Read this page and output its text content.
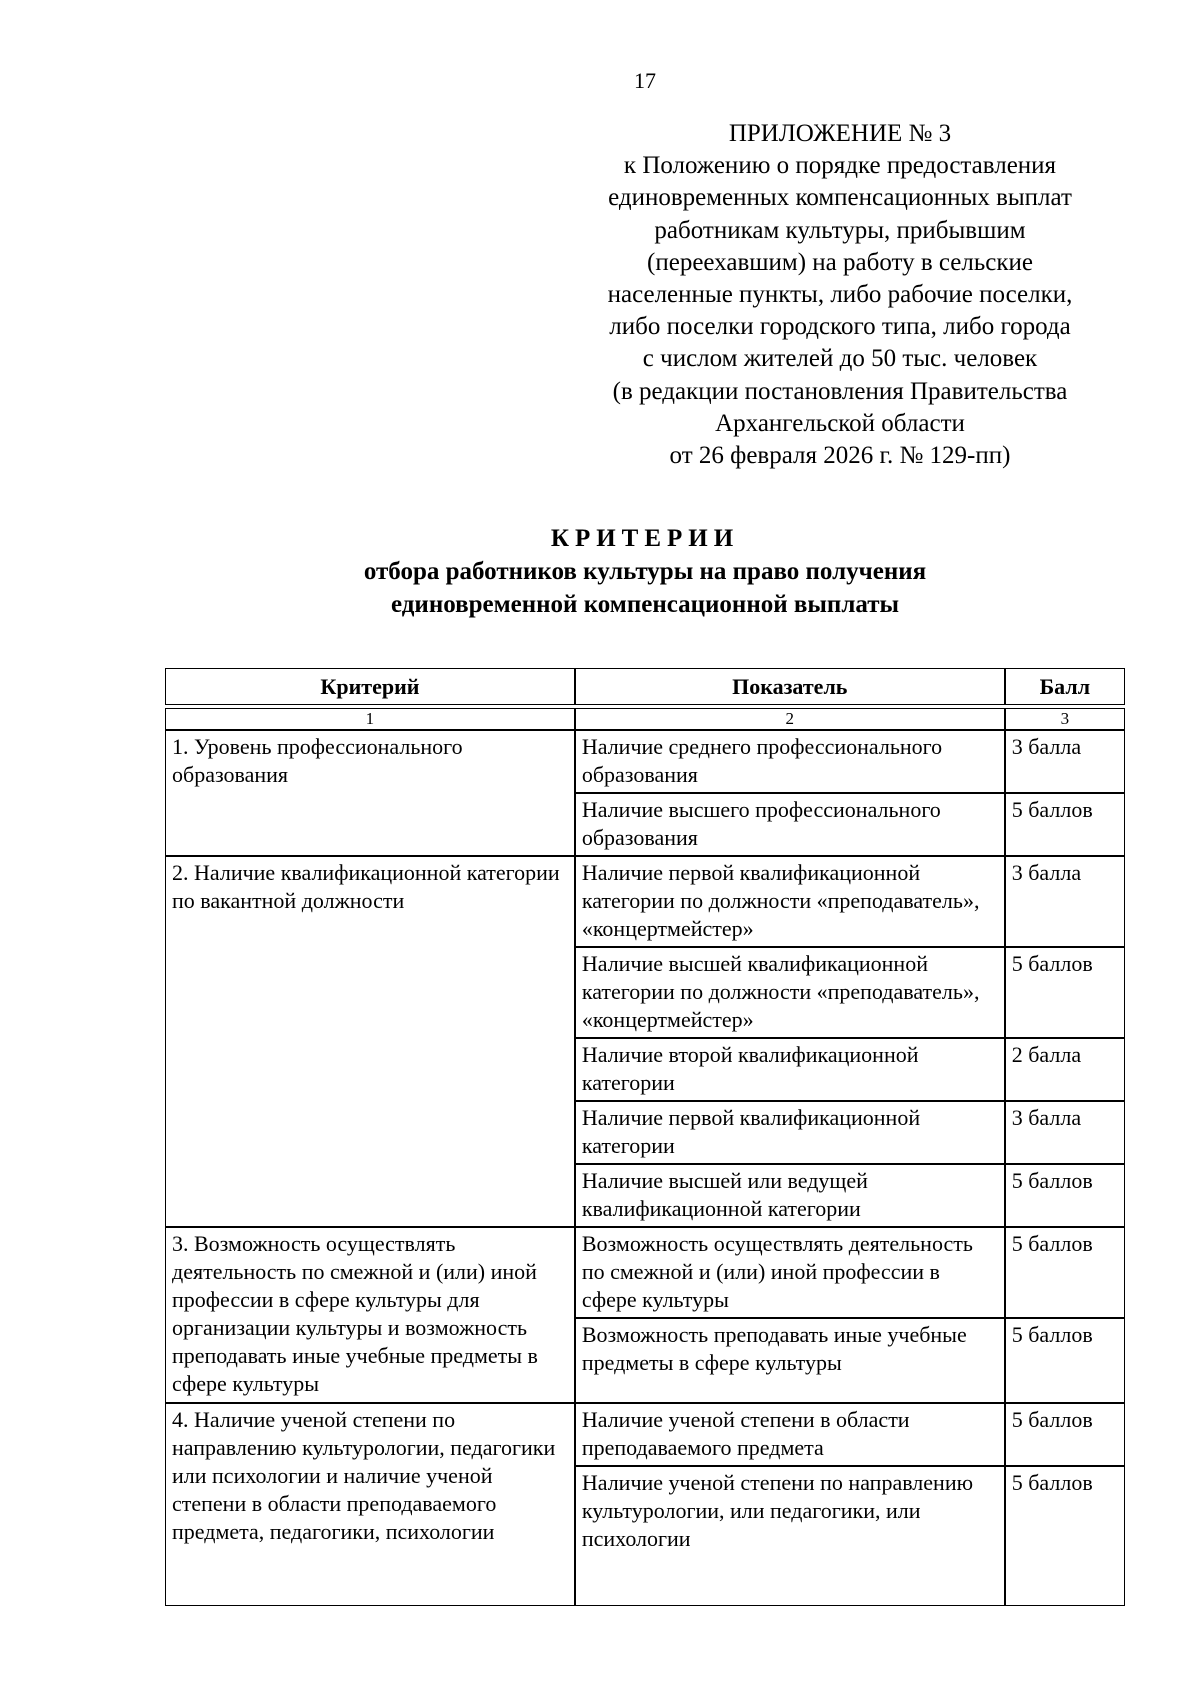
17
ПРИЛОЖЕНИЕ № 3
к Положению о порядке предоставления
единовременных компенсационных выплат
работникам культуры, прибывшим
(переехавшим) на работу в сельские
населенные пункты, либо рабочие поселки,
либо поселки городского типа, либо города
с числом жителей до 50 тыс. человек
(в редакции постановления Правительства
Архангельской области
от 26 февраля 2026 г. № 129-пп)
КРИТЕРИИ
отбора работников культуры на право получения
единовременной компенсационной выплаты
Критерий	Показатель	Балл

1	2	3
1. Уровень профессионального образования	Наличие среднего профессионального образования	3 балла
	Наличие высшего профессионального образования	5 баллов
2. Наличие квалификационной категории по вакантной должности	Наличие первой квалификационной категории по должности «преподаватель», «концертмейстер»	3 балла
	Наличие высшей квалификационной категории по должности «преподаватель», «концертмейстер»	5 баллов
	Наличие второй квалификационной категории	2 балла
	Наличие первой квалификационной категории	3 балла
	Наличие высшей или ведущей квалификационной категории	5 баллов
3. Возможность осуществлять деятельность по смежной и (или) иной профессии в сфере культуры для организации культуры и возможность преподавать иные учебные предметы в сфере культуры	Возможность осуществлять деятельность по смежной и (или) иной профессии в сфере культуры	5 баллов
	Возможность преподавать иные учебные предметы в сфере культуры	5 баллов
4. Наличие ученой степени по направлению культурологии, педагогики или психологии и наличие ученой степени в области преподаваемого предмета, педагогики, психологии	Наличие ученой степени в области преподаваемого предмета	5 баллов
	Наличие ученой степени по направлению культурологии, или педагогики, или психологии	5 баллов
